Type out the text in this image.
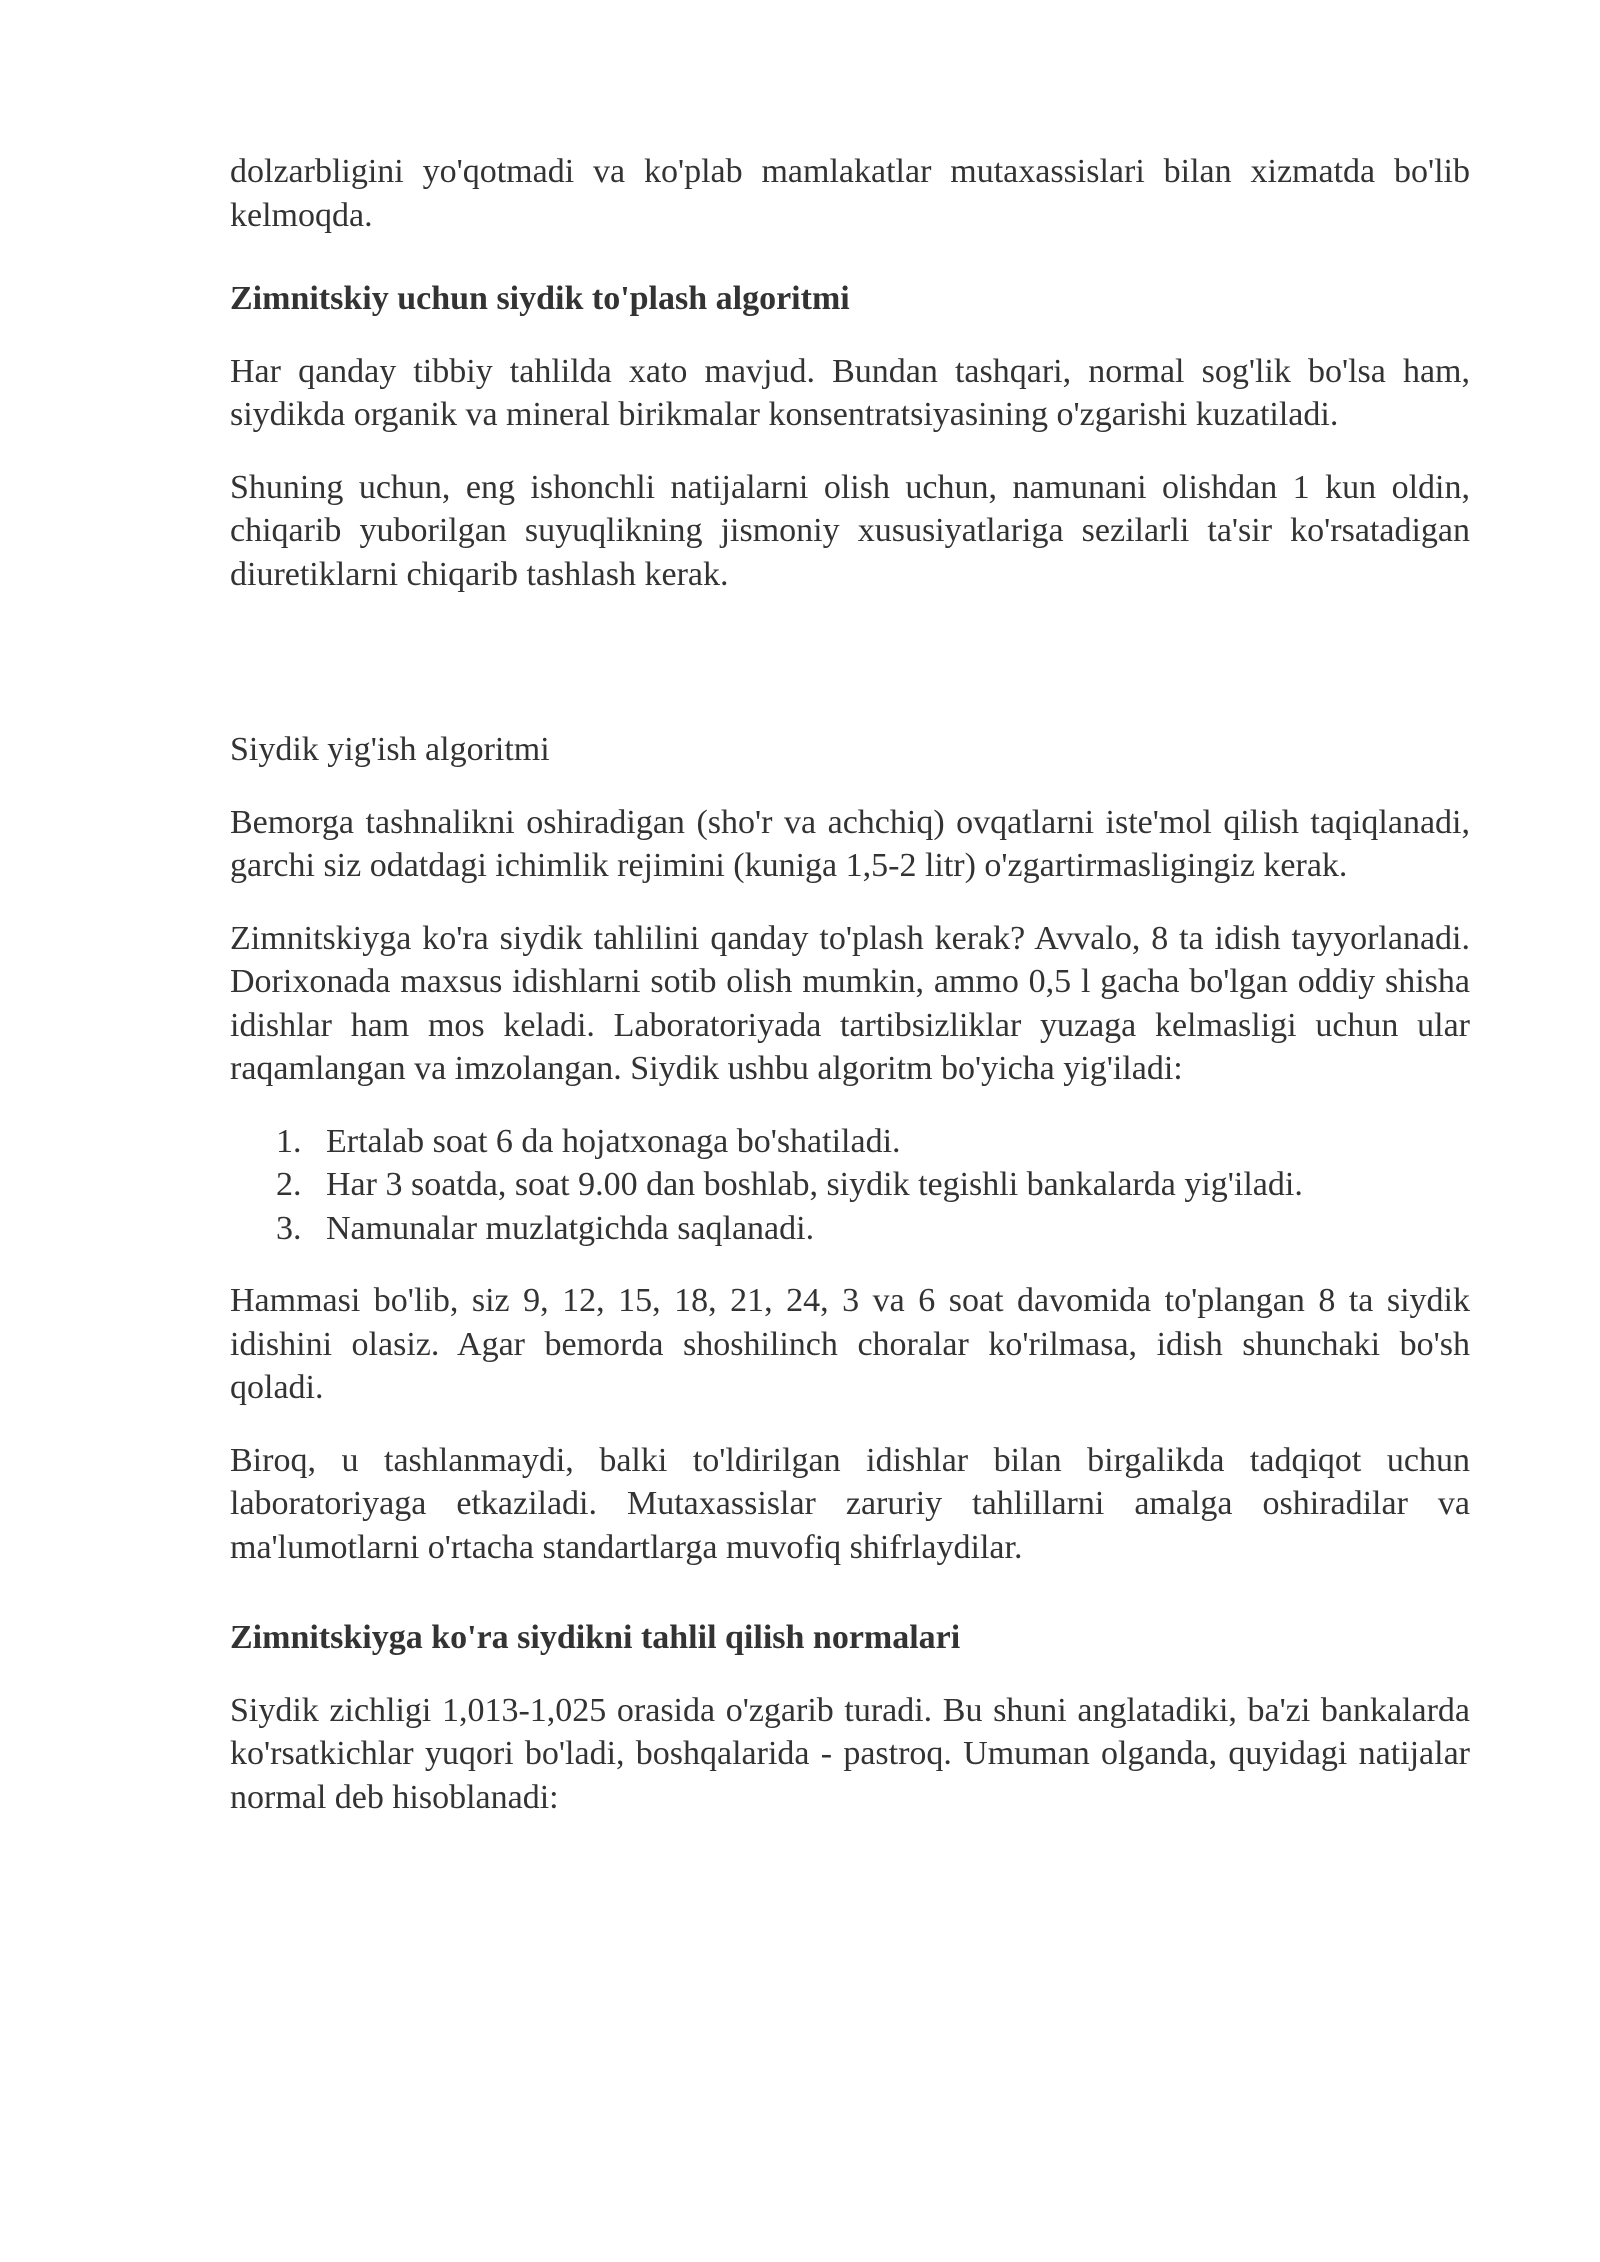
dolzarbligini yo'qotmadi va ko'plab mamlakatlar mutaxassislari bilan xizmatda bo'lib kelmoqda.

Zimnitskiy uchun siydik to'plash algoritmi

Har qanday tibbiy tahlilda xato mavjud. Bundan tashqari, normal sog'lik bo'lsa ham, siydikda organik va mineral birikmalar konsentratsiyasining o'zgarishi kuzatiladi.

Shuning uchun, eng ishonchli natijalarni olish uchun, namunani olishdan 1 kun oldin, chiqarib yuborilgan suyuqlikning jismoniy xususiyatlariga sezilarli ta'sir ko'rsatadigan diuretiklarni chiqarib tashlash kerak.

Siydik yig'ish algoritmi

Bemorga tashnalikni oshiradigan (sho'r va achchiq) ovqatlarni iste'mol qilish taqiqlanadi, garchi siz odatdagi ichimlik rejimini (kuniga 1,5-2 litr) o'zgartirmasligingiz kerak.

Zimnitskiyga ko'ra siydik tahlilini qanday to'plash kerak? Avvalo, 8 ta idish tayyorlanadi. Dorixonada maxsus idishlarni sotib olish mumkin, ammo 0,5 l gacha bo'lgan oddiy shisha idishlar ham mos keladi. Laboratoriyada tartibsizliklar yuzaga kelmasligi uchun ular raqamlangan va imzolangan. Siydik ushbu algoritm bo'yicha yig'iladi:

1. Ertalab soat 6 da hojatxonaga bo'shatiladi.
2. Har 3 soatda, soat 9.00 dan boshlab, siydik tegishli bankalarda yig'iladi.
3. Namunalar muzlatgichda saqlanadi.

Hammasi bo'lib, siz 9, 12, 15, 18, 21, 24, 3 va 6 soat davomida to'plangan 8 ta siydik idishini olasiz. Agar bemorda shoshilinch choralar ko'rilmasa, idish shunchaki bo'sh qoladi.

Biroq, u tashlanmaydi, balki to'ldirilgan idishlar bilan birgalikda tadqiqot uchun laboratoriyaga etkaziladi. Mutaxassislar zaruriy tahlillarni amalga oshiradilar va ma'lumotlarni o'rtacha standartlarga muvofiq shifrlaydilar.

Zimnitskiyga ko'ra siydikni tahlil qilish normalari

Siydik zichligi 1,013-1,025 orasida o'zgarib turadi. Bu shuni anglatadiki, ba'zi bankalarda ko'rsatkichlar yuqori bo'ladi, boshqalarida - pastroq. Umuman olganda, quyidagi natijalar normal deb hisoblanadi:
